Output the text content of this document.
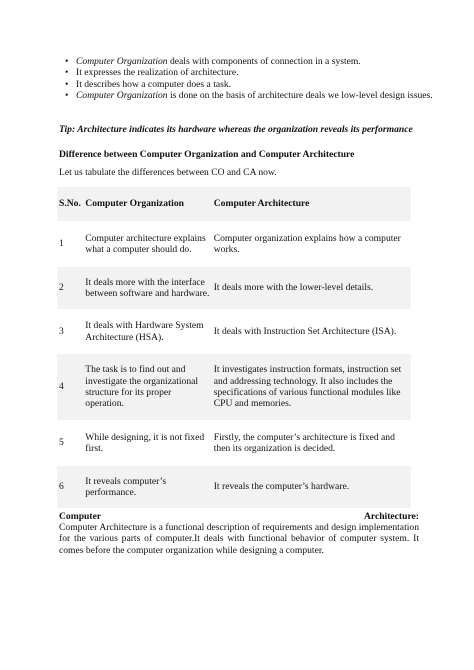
• Computer Organization deals with components of connection in a system.
• It expresses the realization of architecture.
• It describes how a computer does a task.
• Computer Organization is done on the basis of architecture deals we low-level design issues.
Tip: Architecture indicates its hardware whereas the organization reveals its performance
Difference between Computer Organization and Computer Architecture
Let us tabulate the differences between CO and CA now.
S.No.	Computer Organization	Computer Architecture
1	Computer architecture explains what a computer should do.	Computer organization explains how a computer works.
2	It deals more with the interface between software and hardware.	It deals more with the lower-level details.
3	It deals with Hardware System Architecture (HSA).	It deals with Instruction Set Architecture (ISA).
4	The task is to find out and investigate the organizational structure for its proper operation.	It investigates instruction formats, instruction set and addressing technology. It also includes the specifications of various functional modules like CPU and memories.
5	While designing, it is not fixed first.	Firstly, the computer’s architecture is fixed and then its organization is decided.
6	It reveals computer’s performance.	It reveals the computer’s hardware.
Computer	Architecture:
Computer Architecture is a functional description of requirements and design implementation for the various parts of computer.It deals with functional behavior of computer system. It comes before the computer organization while designing a computer.
